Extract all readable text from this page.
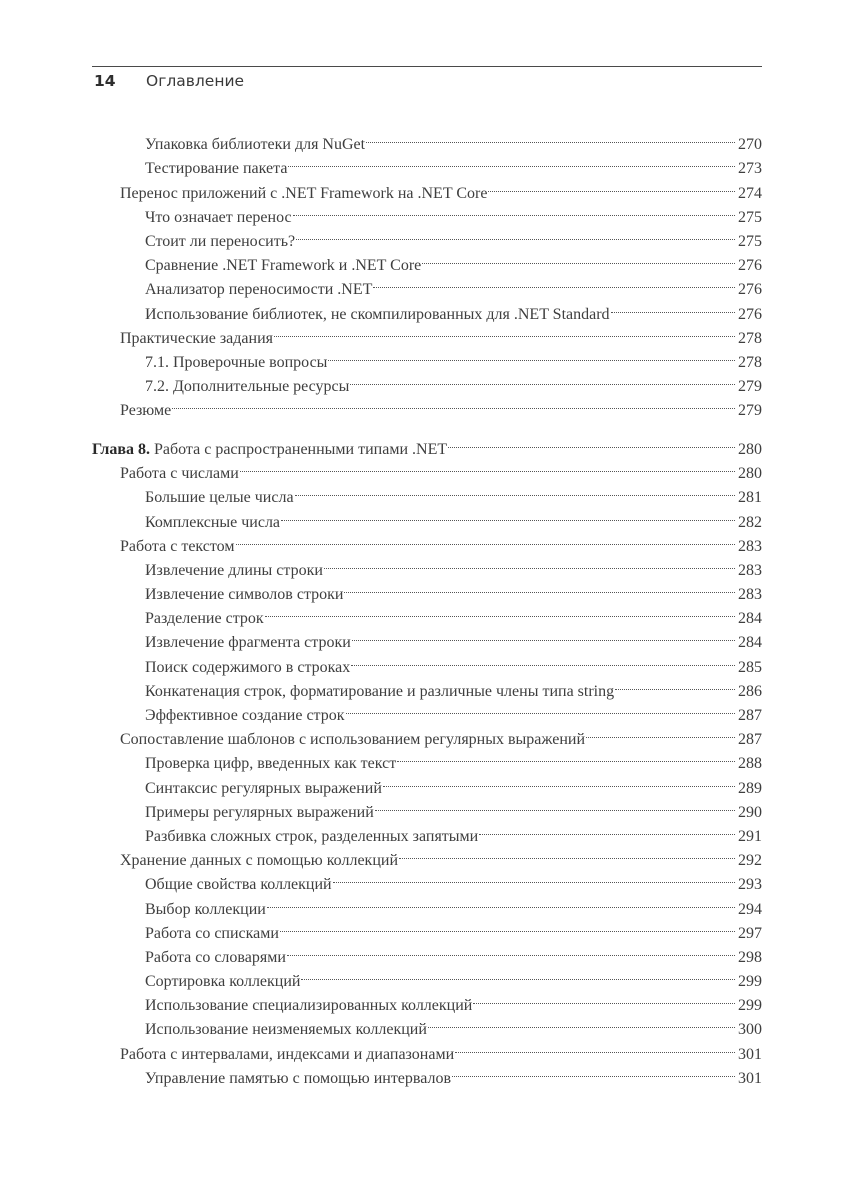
14	Оглавление
Упаковка библиотеки для NuGet	270
Тестирование пакета	273
Перенос приложений с .NET Framework на .NET Core	274
Что означает перенос	275
Стоит ли переносить?	275
Сравнение .NET Framework и .NET Core	276
Анализатор переносимости .NET	276
Использование библиотек, не скомпилированных для .NET Standard	276
Практические задания	278
7.1. Проверочные вопросы	278
7.2. Дополнительные ресурсы	279
Резюме	279
Глава 8. Работа с распространенными типами .NET	280
Работа с числами	280
Большие целые числа	281
Комплексные числа	282
Работа с текстом	283
Извлечение длины строки	283
Извлечение символов строки	283
Разделение строк	284
Извлечение фрагмента строки	284
Поиск содержимого в строках	285
Конкатенация строк, форматирование и различные члены типа string	286
Эффективное создание строк	287
Сопоставление шаблонов с использованием регулярных выражений	287
Проверка цифр, введенных как текст	288
Синтаксис регулярных выражений	289
Примеры регулярных выражений	290
Разбивка сложных строк, разделенных запятыми	291
Хранение данных с помощью коллекций	292
Общие свойства коллекций	293
Выбор коллекции	294
Работа со списками	297
Работа со словарями	298
Сортировка коллекций	299
Использование специализированных коллекций	299
Использование неизменяемых коллекций	300
Работа с интервалами, индексами и диапазонами	301
Управление памятью с помощью интервалов	301
